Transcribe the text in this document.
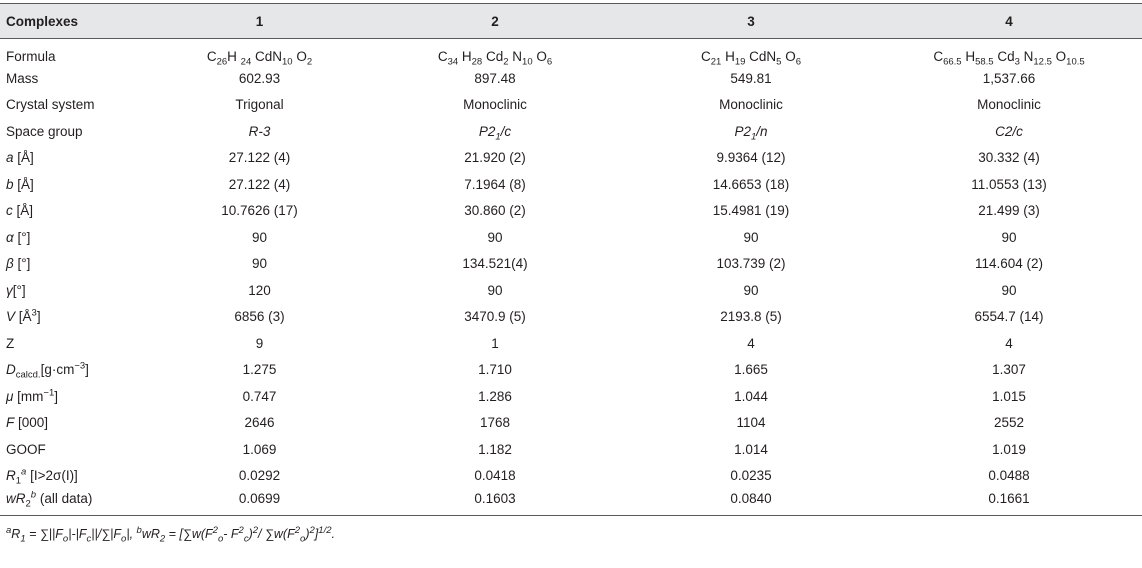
Complexes	1	2	3	4
Formula	$C_{26}H$ $_{24}$ CdN$_{10}$ $O_2$	$C_{34}$ $H_{28}$ $Cd_2$ $N_{10}$ $O_6$	$C_{21}$ $H_{19}$ CdN$_5$ $O_6$	$C_{66.5}$ $H_{58.5}$ $Cd_3$ $N_{12.5}$ $O_{10.5}$
Mass	602.93	897.48	549.81	1,537.66
Crystal system	Trigonal	Monoclinic	Monoclinic	Monoclinic
Space group	R-3	$P2_1/c$	$P2_1/n$	C2/c
a [Å]	27.122 (4)	21.920 (2)	9.9364 (12)	30.332 (4)
b [Å]	27.122 (4)	7.1964 (8)	14.6653 (18)	11.0553 (13)
c [Å]	10.7626 (17)	30.860 (2)	15.4981 (19)	21.499 (3)
α [°]	90	90	90	90
β [°]	90	134.521(4)	103.739 (2)	114.604 (2)
γ[°]	120	90	90	90
V $[Å^3]$	6856 (3)	3470.9 (5)	2193.8 (5)	6554.7 (14)
Z	9	1	4	4
$D_{calcd.}[g\cdot cm^{-3}]$	1.275	1.710	1.665	1.307
μ $[mm^{-1}]$	0.747	1.286	1.044	1.015
F [000]	2646	1768	1104	2552
GOOF	1.069	1.182	1.014	1.019
$R_1^a$ [I>2σ(I)]	0.0292	0.0418	0.0235	0.0488
$wR_2^b$ (all data)	0.0699	0.1603	0.0840	0.1661
$^aR_1 = \sum||F_o|-|F_c||/\sum|F_o|$, $^bwR_2 = [\sum w(F^2_o-$ $F^2_c)^2/$ $\sum w(F^2_o)^2]^{1/2}$.
